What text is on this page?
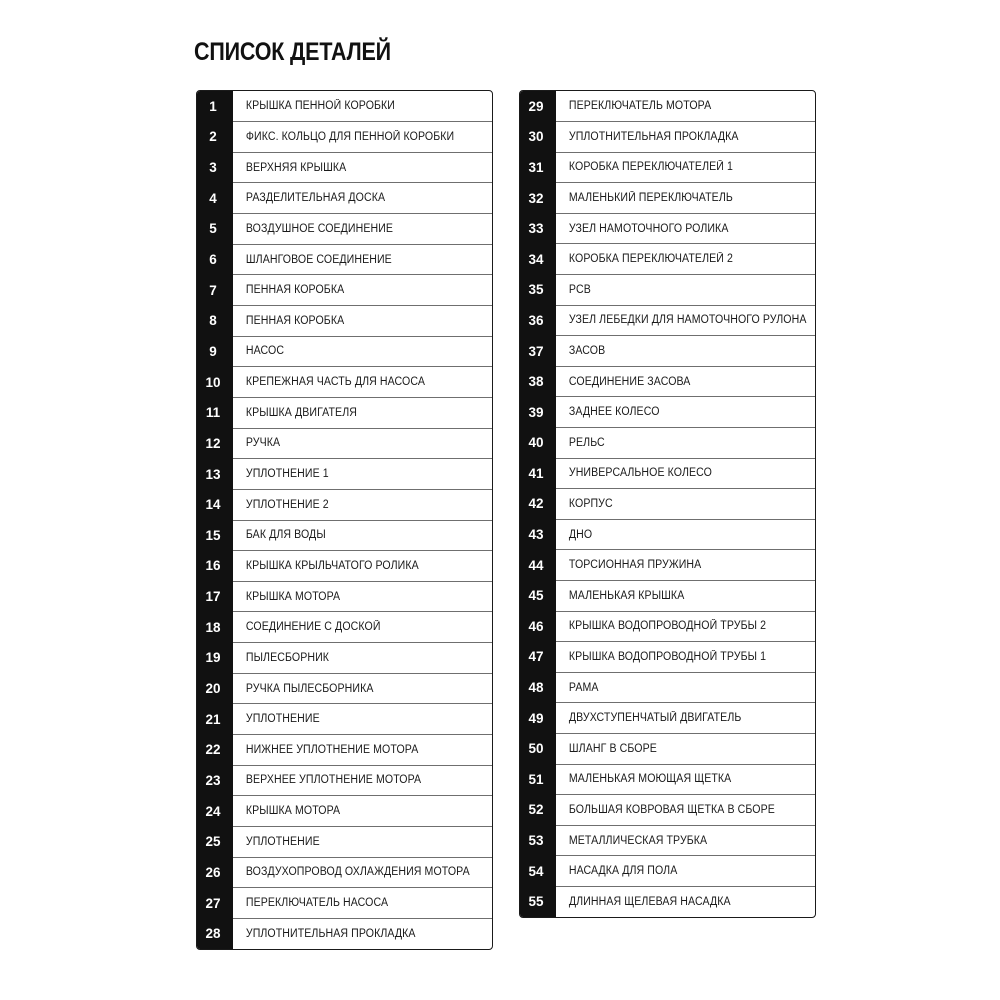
СПИСОК ДЕТАЛЕЙ
1	КРЫШКА ПЕННОЙ КОРОБКИ
2	ФИКС. КОЛЬЦО ДЛЯ ПЕННОЙ КОРОБКИ
3	ВЕРХНЯЯ КРЫШКА
4	РАЗДЕЛИТЕЛЬНАЯ ДОСКА
5	ВОЗДУШНОЕ СОЕДИНЕНИЕ
6	ШЛАНГОВОЕ СОЕДИНЕНИЕ
7	ПЕННАЯ КОРОБКА
8	ПЕННАЯ КОРОБКА
9	НАСОС
10	КРЕПЕЖНАЯ ЧАСТЬ ДЛЯ НАСОСА
11	КРЫШКА ДВИГАТЕЛЯ
12	РУЧКА
13	УПЛОТНЕНИЕ 1
14	УПЛОТНЕНИЕ 2
15	БАК ДЛЯ ВОДЫ
16	КРЫШКА КРЫЛЬЧАТОГО РОЛИКА
17	КРЫШКА МОТОРА
18	СОЕДИНЕНИЕ С ДОСКОЙ
19	ПЫЛЕСБОРНИК
20	РУЧКА ПЫЛЕСБОРНИКА
21	УПЛОТНЕНИЕ
22	НИЖНЕЕ УПЛОТНЕНИЕ МОТОРА
23	ВЕРХНЕЕ УПЛОТНЕНИЕ МОТОРА
24	КРЫШКА МОТОРА
25	УПЛОТНЕНИЕ
26	ВОЗДУХОПРОВОД ОХЛАЖДЕНИЯ МОТОРА
27	ПЕРЕКЛЮЧАТЕЛЬ НАСОСА
28	УПЛОТНИТЕЛЬНАЯ ПРОКЛАДКА
29	ПЕРЕКЛЮЧАТЕЛЬ МОТОРА
30	УПЛОТНИТЕЛЬНАЯ ПРОКЛАДКА
31	КОРОБКА ПЕРЕКЛЮЧАТЕЛЕЙ 1
32	МАЛЕНЬКИЙ ПЕРЕКЛЮЧАТЕЛЬ
33	УЗЕЛ НАМОТОЧНОГО РОЛИКА
34	КОРОБКА ПЕРЕКЛЮЧАТЕЛЕЙ 2
35	PCB
36	УЗЕЛ ЛЕБЕДКИ ДЛЯ НАМОТОЧНОГО РУЛОНА
37	ЗАСОВ
38	СОЕДИНЕНИЕ ЗАСОВА
39	ЗАДНЕЕ КОЛЕСО
40	РЕЛЬС
41	УНИВЕРСАЛЬНОЕ КОЛЕСО
42	КОРПУС
43	ДНО
44	ТОРСИОННАЯ ПРУЖИНА
45	МАЛЕНЬКАЯ КРЫШКА
46	КРЫШКА ВОДОПРОВОДНОЙ ТРУБЫ 2
47	КРЫШКА ВОДОПРОВОДНОЙ ТРУБЫ 1
48	РАМА
49	ДВУХСТУПЕНЧАТЫЙ ДВИГАТЕЛЬ
50	ШЛАНГ В СБОРЕ
51	МАЛЕНЬКАЯ МОЮЩАЯ ЩЕТКА
52	БОЛЬШАЯ КОВРОВАЯ ЩЕТКА В СБОРЕ
53	МЕТАЛЛИЧЕСКАЯ ТРУБКА
54	НАСАДКА ДЛЯ ПОЛА
55	ДЛИННАЯ ЩЕЛЕВАЯ НАСАДКА
